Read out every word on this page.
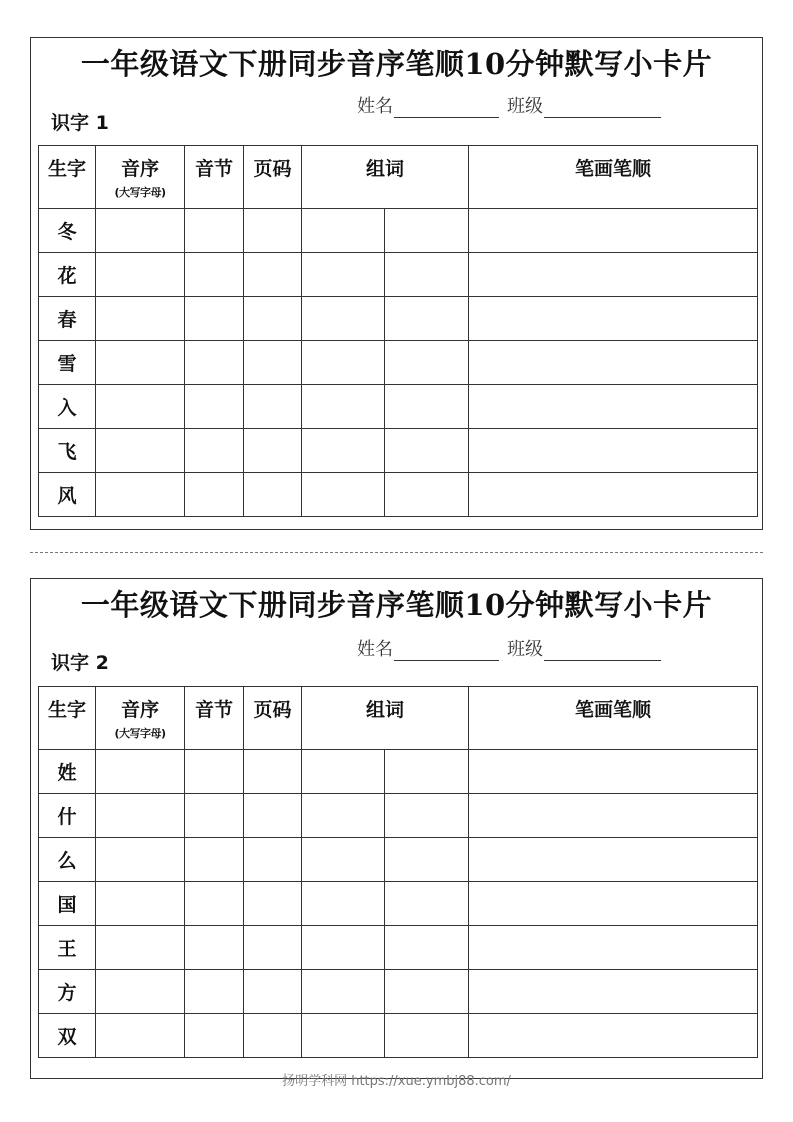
一年级语文下册同步音序笔顺10分钟默写小卡片
识字 1
姓名	班级
生字	音序
(大写字母)	音节	页码	组词		笔画笔顺
冬						
花						
春						
雪						
入						
飞						
风						
一年级语文下册同步音序笔顺10分钟默写小卡片
识字 2
姓名	班级
生字	音序
(大写字母)	音节	页码	组词		笔画笔顺
姓						
什						
么						
国						
王						
方						
双						
扬明学科网 https://xue.ymbj88.com/
